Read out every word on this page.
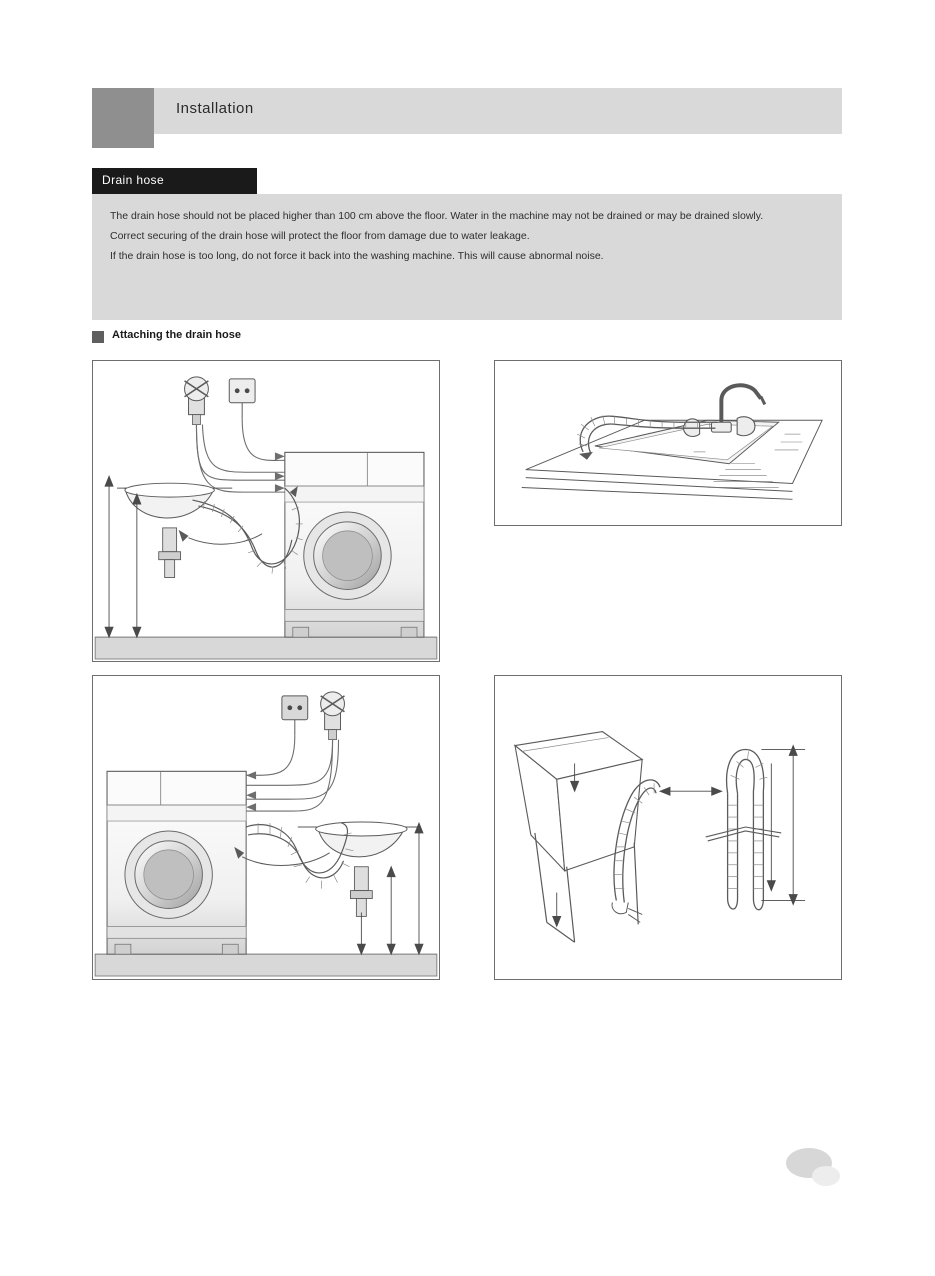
Installation
Drain hose

The drain hose should not be placed higher than 100 cm above the floor. Water in the machine may not be drained or may be drained slowly.

Correct securing of the drain hose will protect the floor from damage due to water leakage.

If the drain hose is too long, do not force it back into the washing machine. This will cause abnormal noise.

Attaching the drain hose
